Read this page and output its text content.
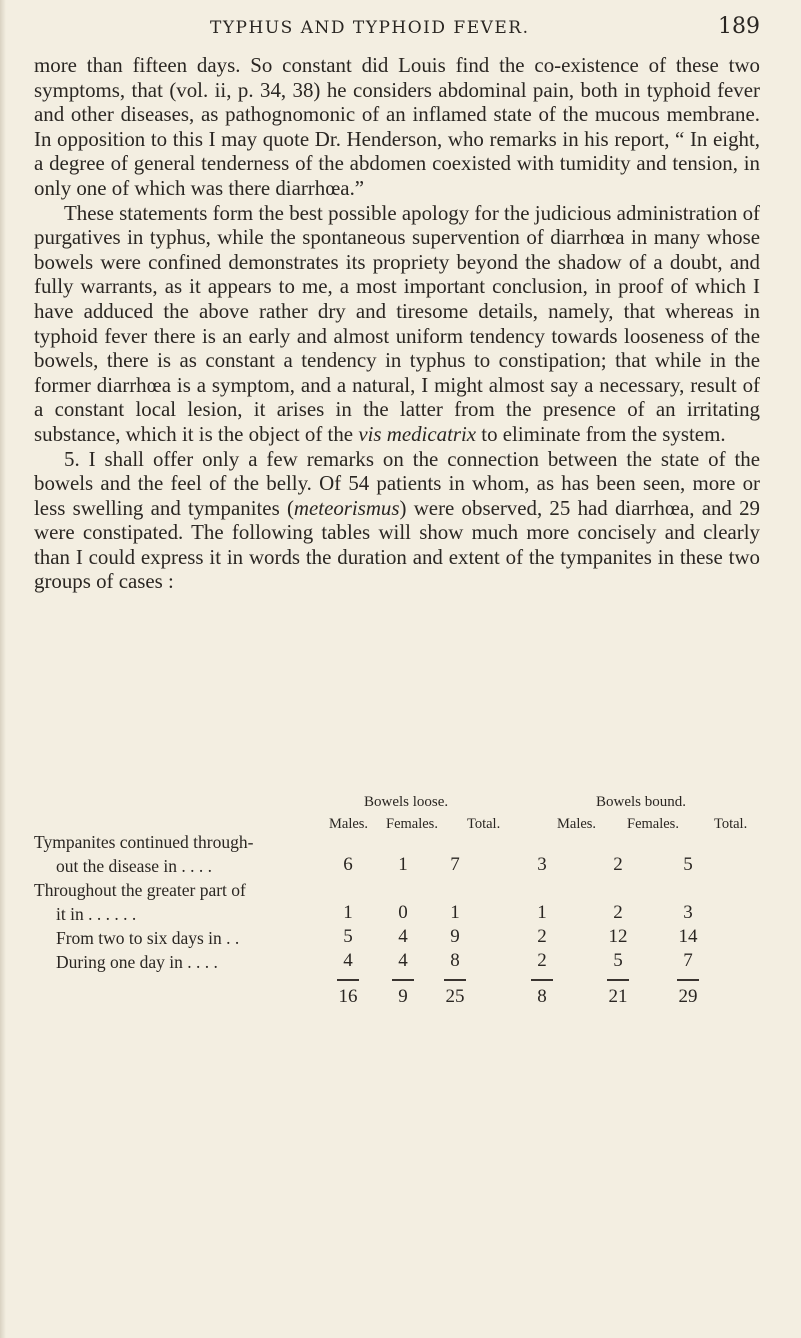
TYPHUS AND TYPHOID FEVER.	189

more than fifteen days. So constant did Louis find the co-existence of these two symptoms, that (vol. ii, p. 34, 38) he considers abdominal pain, both in typhoid fever and other diseases, as pathognomonic of an inflamed state of the mucous membrane. In opposition to this I may quote Dr. Henderson, who remarks in his report, “ In eight, a degree of general tenderness of the abdomen coexisted with tumidity and tension, in only one of which was there diarrhœa.”

These statements form the best possible apology for the judicious administration of purgatives in typhus, while the spontaneous supervention of diarrhœa in many whose bowels were confined demonstrates its propriety beyond the shadow of a doubt, and fully warrants, as it appears to me, a most important conclusion, in proof of which I have adduced the above rather dry and tiresome details, namely, that whereas in typhoid fever there is an early and almost uniform tendency towards looseness of the bowels, there is as constant a tendency in typhus to constipation; that while in the former diarrhœa is a symptom, and a natural, I might almost say a necessary, result of a constant local lesion, it arises in the latter from the presence of an irritating substance, which it is the object of the vis medicatrix to eliminate from the system.

5. I shall offer only a few remarks on the connection between the state of the bowels and the feel of the belly. Of 54 patients in whom, as has been seen, more or less swelling and tympanites (meteorismus) were observed, 25 had diarrhœa, and 29 were constipated. The following tables will show much more concisely and clearly than I could express it in words the duration and extent of the tympanites in these two groups of cases :

Bowels loose.	Bowels bound.
Males. Females. Total.	Males. Females. Total.
Tympanites continued through-
out the disease in . . . .	6	1	7	3	2	5
Throughout the greater part of
it in . . . . . .	1	0	1	1	2	3
From two to six days in . .	5	4	9	2	12	14
During one day in . . . .	4	4	8	2	5	7
16	9	25	8	21	29
